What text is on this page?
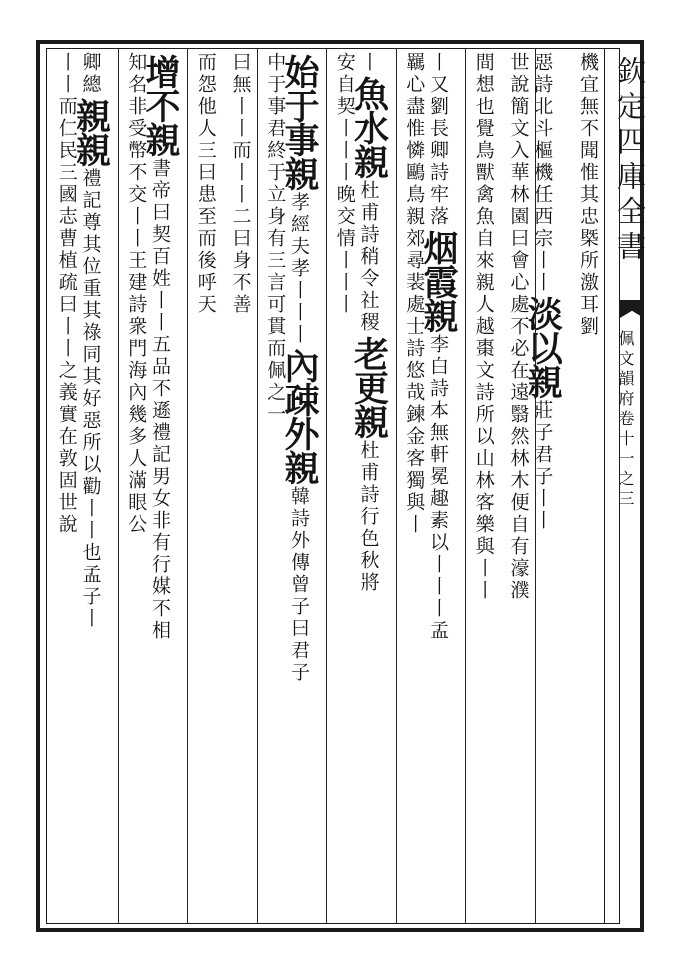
欽定四庫全書
佩文韻府卷十一之三
機宜無不聞惟其忠槩所激耳劉
惡詩北斗樞機任西宗丨丨淡以親莊子君子丨丨
世說簡文入華林園曰會心處不必在遠翳然林木便自有濠濮
間想也覺鳥獸禽魚自來親人越棗文詩所以山林客樂與丨丨
丨又劉長卿詩牢落烟霞親李白詩本無軒冕趣素以丨丨丨孟
羈心盡惟憐鷗鳥親郊尋裴處士詩悠哉鍊金客獨與丨
丨魚水親杜甫詩稍令社稷老更親杜甫詩行色秋將
安自契丨丨丨晚交情丨丨丨
始于事親孝經夫孝丨丨丨內疎外親韓詩外傳曾子曰君子
中于事君終于立身有三言可貫而佩之一
曰無丨丨而丨丨二曰身不善
而怨他人三曰患至而後呼天
增不親書帝曰契百姓丨丨五品不遜禮記男女非有行媒不相
知名非受幣不交丨丨王建詩衆門海內幾多人滿眼公
卿總親親禮記尊其位重其祿同其好惡所以勸丨丨也孟子丨
丨丨而仁民三國志曹植疏曰丨丨之義實在敦固世說
